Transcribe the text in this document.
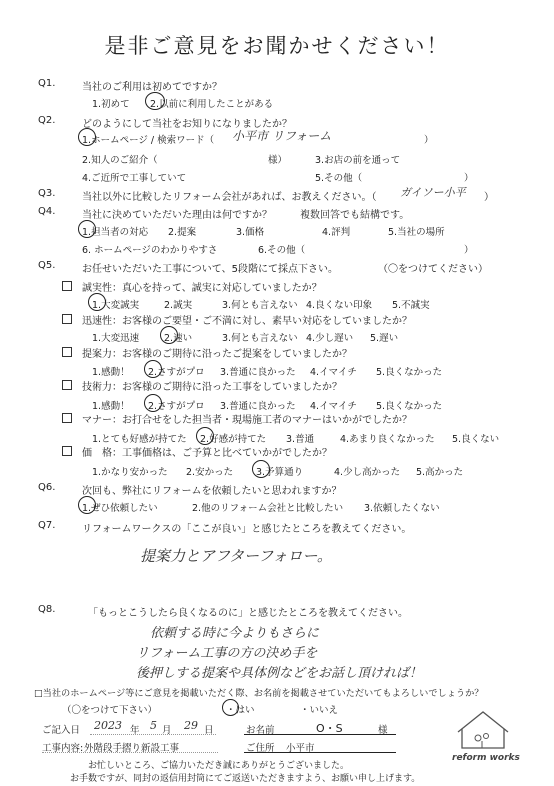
是非ご意見をお聞かせください！
Q1.	当社のご利用は初めてですか？
1.初めて 2.以前に利用したことがある
Q2.	どのようにして当社をお知りになりましたか？
1.ホームページ / 検索ワード（ 小平市 リフォーム	）
2.知人のご紹介（	様）	3.お店の前を通って
4.ご近所で工事していて	5.その他（	）
Q3.	当社以外に比較したリフォーム会社があれば、お教えください。（ ガイソー小平 ）
Q4.	当社に決めていただいた理由は何ですか？	複数回答でも結構です。
1.担当者の対応 2.提案	3.価格	4.評判	5.当社の場所
6. ホームページのわかりやすさ	6.その他（	）
Q5.	お任せいただいた工事について、5段階にて採点下さい。	（〇をつけてください）
誠実性：真心を持って、誠実に対応していましたか？
1.大変誠実	2.誠実	3.何とも言えない 4.良くない印象 5.不誠実
迅速性：お客様のご要望・ご不満に対し、素早い対応をしていましたか？
1.大変迅速	2.速い	3.何とも言えない 4.少し遅い 5.遅い
提案力：お客様のご期待に沿ったご提案をしていましたか？
1.感動！ 2.さすがプロ 3.普通に良かった 4.イマイチ 5.良くなかった
技術力：お客様のご期待に沿った工事をしていましたか？
1.感動！ 2.さすがプロ 3.普通に良かった 4.イマイチ 5.良くなかった
マナー：お打合せをした担当者・現場施工者のマナーはいかがでしたか？
1.とても好感が持てた 2.好感が持てた 3.普通	4.あまり良くなかった 5.良くない
価　格：工事価格は、ご予算と比べていかがでしたか？
1.かなり安かった 2.安かった 3.予算通り	4.少し高かった 5.高かった
Q6.	次回も、弊社にリフォームを依頼したいと思われますか？
1.ぜひ依頼したい	2.他のリフォーム会社と比較したい 3.依頼したくない
Q7.	リフォームワークスの「ここが良い」と感じたところを教えてください。
提案力とアフターフォロー。
Q8.	「もっとこうしたら良くなるのに」と感じたところを教えてください。
依頼する時に今よりもさらに
リフォーム工事の方の決め手を
後押しする提案や具体例などをお話し頂ければ！
□当社のホームページ等にご意見を掲載いただく際、お名前を掲載させていただいてもよろしいでしょうか？
（〇をつけて下さい）	・はい	・いいえ
ご記入日 2023 年 5 月 29 日	お名前	O・S	様
工事内容: 外階段手摺り新設工事	ご住所 小平市
お忙しいところ、ご協力いただき誠にありがとうございました。
お手数ですが、同封の返信用封筒にてご返送いただきますよう、お願い申し上げます。
reform works
